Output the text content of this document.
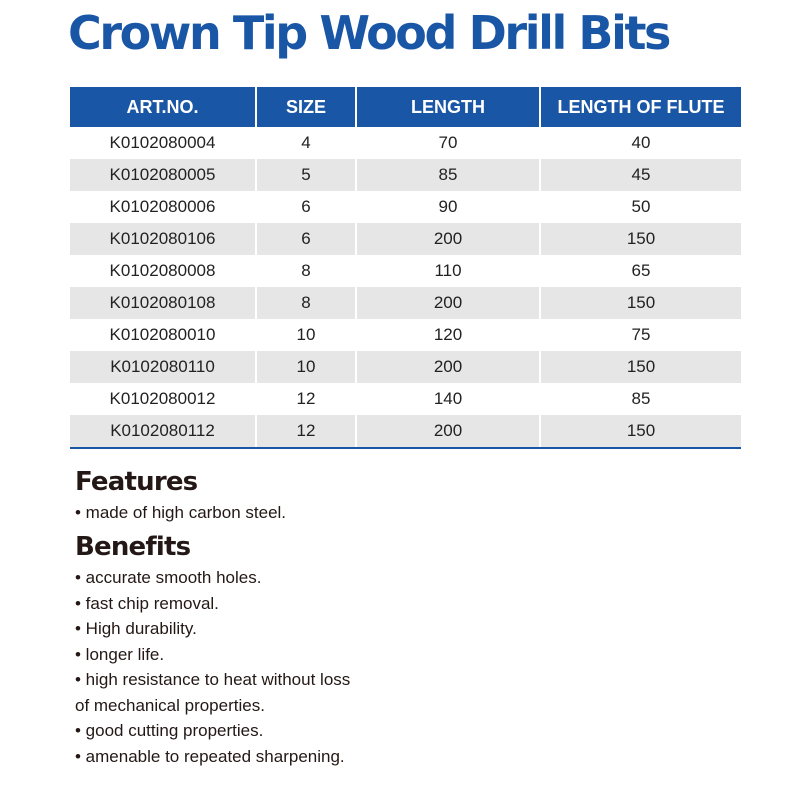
Crown Tip Wood Drill Bits
ART.NO.	SIZE	LENGTH	LENGTH OF FLUTE
K0102080004	4	70	40
K0102080005	5	85	45
K0102080006	6	90	50
K0102080106	6	200	150
K0102080008	8	110	65
K0102080108	8	200	150
K0102080010	10	120	75
K0102080110	10	200	150
K0102080012	12	140	85
K0102080112	12	200	150
Features
• made of high carbon steel.
Benefits
• accurate smooth holes.
• fast chip removal.
• High durability.
• longer life.
• high resistance to heat without loss
of mechanical properties.
• good cutting properties.
• amenable to repeated sharpening.
